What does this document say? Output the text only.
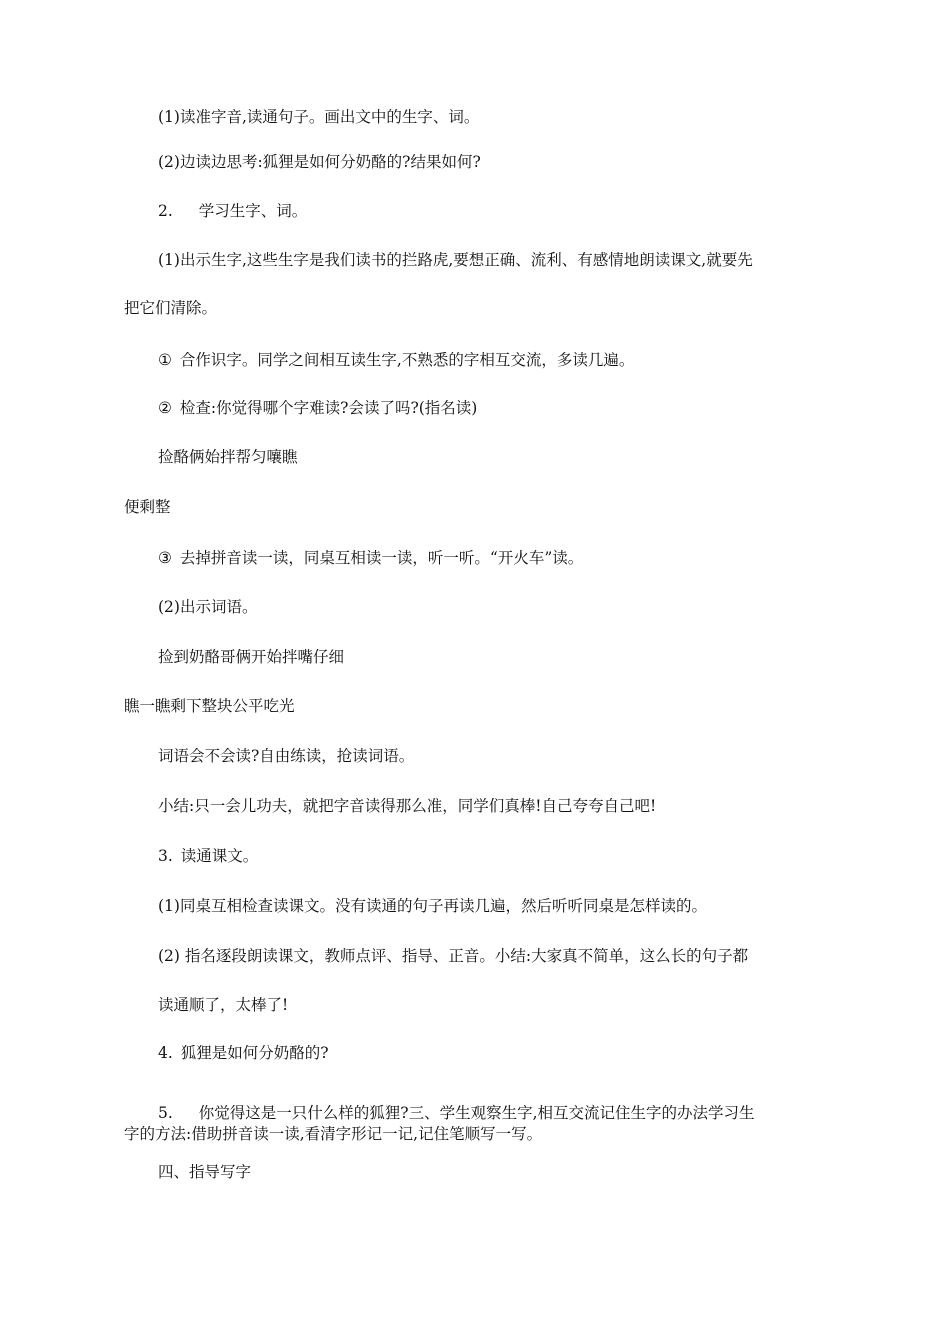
(1)读准字音,读通句子。画出文中的生字、词。
(2)边读边思考:狐狸是如何分奶酪的?结果如何?
2. 学习生字、词。
(1)出示生字,这些生字是我们读书的拦路虎,要想正确、流利、有感情地朗读课文,就要先
把它们清除。
① 合作识字。同学之间相互读生字,不熟悉的字相互交流，多读几遍。
② 检查:你觉得哪个字难读?会读了吗?(指名读)
捡酪俩始拌帮匀嚷瞧
便剩整
③ 去掉拼音读一读，同桌互相读一读，听一听。“开火车”读。
(2)出示词语。
捡到奶酪哥俩开始拌嘴仔细
瞧一瞧剩下整块公平吃光
词语会不会读?自由练读，抢读词语。
小结:只一会儿功夫，就把字音读得那么准，同学们真棒!自己夸夸自己吧!
3. 读通课文。
(1)同桌互相检查读课文。没有读通的句子再读几遍，然后听听同桌是怎样读的。
(2) 指名逐段朗读课文，教师点评、指导、正音。小结:大家真不简单，这么长的句子都
读通顺了，太棒了!
4. 狐狸是如何分奶酪的?
5. 你觉得这是一只什么样的狐狸?三、学生观察生字,相互交流记住生字的办法学习生
字的方法:借助拼音读一读,看清字形记一记,记住笔顺写一写。
四、指导写字
